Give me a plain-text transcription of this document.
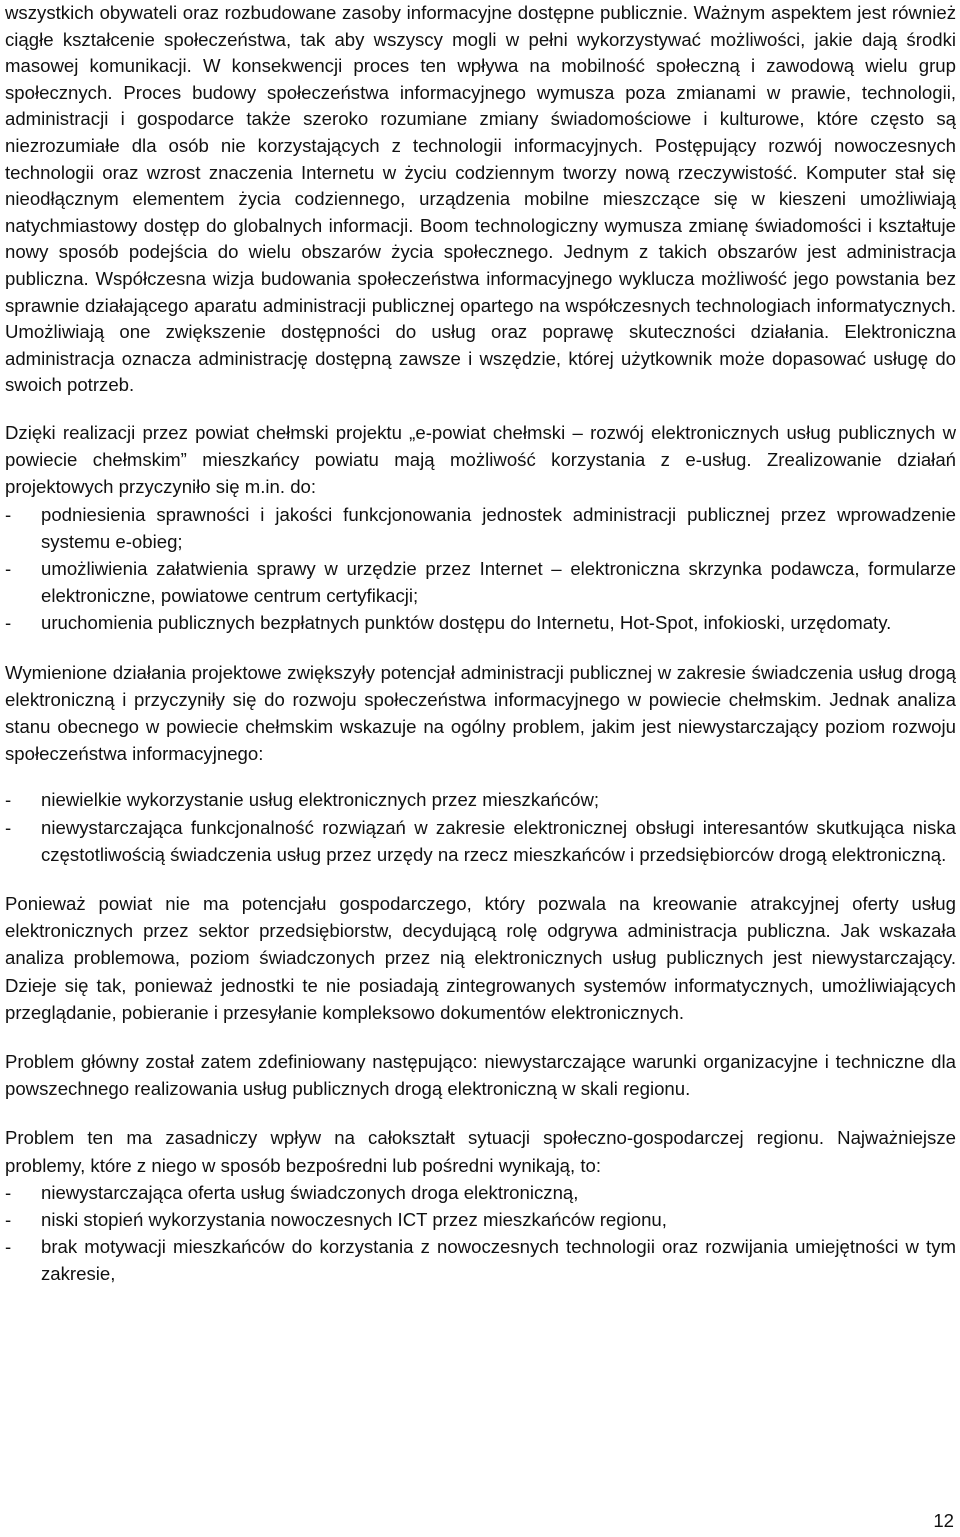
wszystkich obywateli oraz rozbudowane zasoby informacyjne dostępne publicznie. Ważnym aspektem jest również ciągłe kształcenie społeczeństwa, tak aby wszyscy mogli w pełni wykorzystywać możliwości, jakie dają środki masowej komunikacji. W konsekwencji proces ten wpływa na mobilność społeczną i zawodową wielu grup społecznych. Proces budowy społeczeństwa informacyjnego wymusza poza zmianami w prawie, technologii, administracji i gospodarce także szeroko rozumiane zmiany świadomościowe i kulturowe, które często są niezrozumiałe dla osób nie korzystających z technologii informacyjnych. Postępujący rozwój nowoczesnych technologii oraz wzrost znaczenia Internetu w życiu codziennym tworzy nową rzeczywistość. Komputer stał się nieodłącznym elementem życia codziennego, urządzenia mobilne mieszczące się w kieszeni umożliwiają natychmiastowy dostęp do globalnych informacji. Boom technologiczny wymusza zmianę świadomości i kształtuje nowy sposób podejścia do wielu obszarów życia społecznego. Jednym z takich obszarów jest administracja publiczna. Współczesna wizja budowania społeczeństwa informacyjnego wyklucza możliwość jego powstania bez sprawnie działającego aparatu administracji publicznej opartego na współczesnych technologiach informatycznych. Umożliwiają one zwiększenie dostępności do usług oraz poprawę skuteczności działania. Elektroniczna administracja oznacza administrację dostępną zawsze i wszędzie, której użytkownik może dopasować usługę do swoich potrzeb.

Dzięki realizacji przez powiat chełmski projektu „e-powiat chełmski – rozwój elektronicznych usług publicznych w powiecie chełmskim” mieszkańcy powiatu mają możliwość korzystania z e-usług. Zrealizowanie działań projektowych przyczyniło się m.in. do:

- podniesienia sprawności i jakości funkcjonowania jednostek administracji publicznej przez wprowadzenie systemu e-obieg;
- umożliwienia załatwienia sprawy w urzędzie przez Internet – elektroniczna skrzynka podawcza, formularze elektroniczne, powiatowe centrum certyfikacji;
- uruchomienia publicznych bezpłatnych punktów dostępu do Internetu, Hot-Spot, infokioski, urzędomaty.

Wymienione działania projektowe zwiększyły potencjał administracji publicznej w zakresie świadczenia usług drogą elektroniczną i przyczyniły się do rozwoju społeczeństwa informacyjnego w powiecie chełmskim. Jednak analiza stanu obecnego w powiecie chełmskim wskazuje na ogólny problem, jakim jest niewystarczający poziom rozwoju społeczeństwa informacyjnego:

- niewielkie wykorzystanie usług elektronicznych przez mieszkańców;
- niewystarczająca funkcjonalność rozwiązań w zakresie elektronicznej obsługi interesantów skutkująca niska częstotliwością świadczenia usług przez urzędy na rzecz mieszkańców i przedsiębiorców drogą elektroniczną.

Ponieważ powiat nie ma potencjału gospodarczego, który pozwala na kreowanie atrakcyjnej oferty usług elektronicznych przez sektor przedsiębiorstw, decydującą rolę odgrywa administracja publiczna. Jak wskazała analiza problemowa, poziom świadczonych przez nią elektronicznych usług publicznych jest niewystarczający. Dzieje się tak, ponieważ jednostki te nie posiadają zintegrowanych systemów informatycznych, umożliwiających przeglądanie, pobieranie i przesyłanie kompleksowo dokumentów elektronicznych.

Problem główny został zatem zdefiniowany następująco: niewystarczające warunki organizacyjne i techniczne dla powszechnego realizowania usług publicznych drogą elektroniczną w skali regionu.

Problem ten ma zasadniczy wpływ na całokształt sytuacji społeczno-gospodarczej regionu. Najważniejsze problemy, które z niego w sposób bezpośredni lub pośredni wynikają, to:

- niewystarczająca oferta usług świadczonych droga elektroniczną,
- niski stopień wykorzystania nowoczesnych ICT przez mieszkańców regionu,
- brak motywacji mieszkańców do korzystania z nowoczesnych technologii oraz rozwijania umiejętności w tym zakresie,
12
